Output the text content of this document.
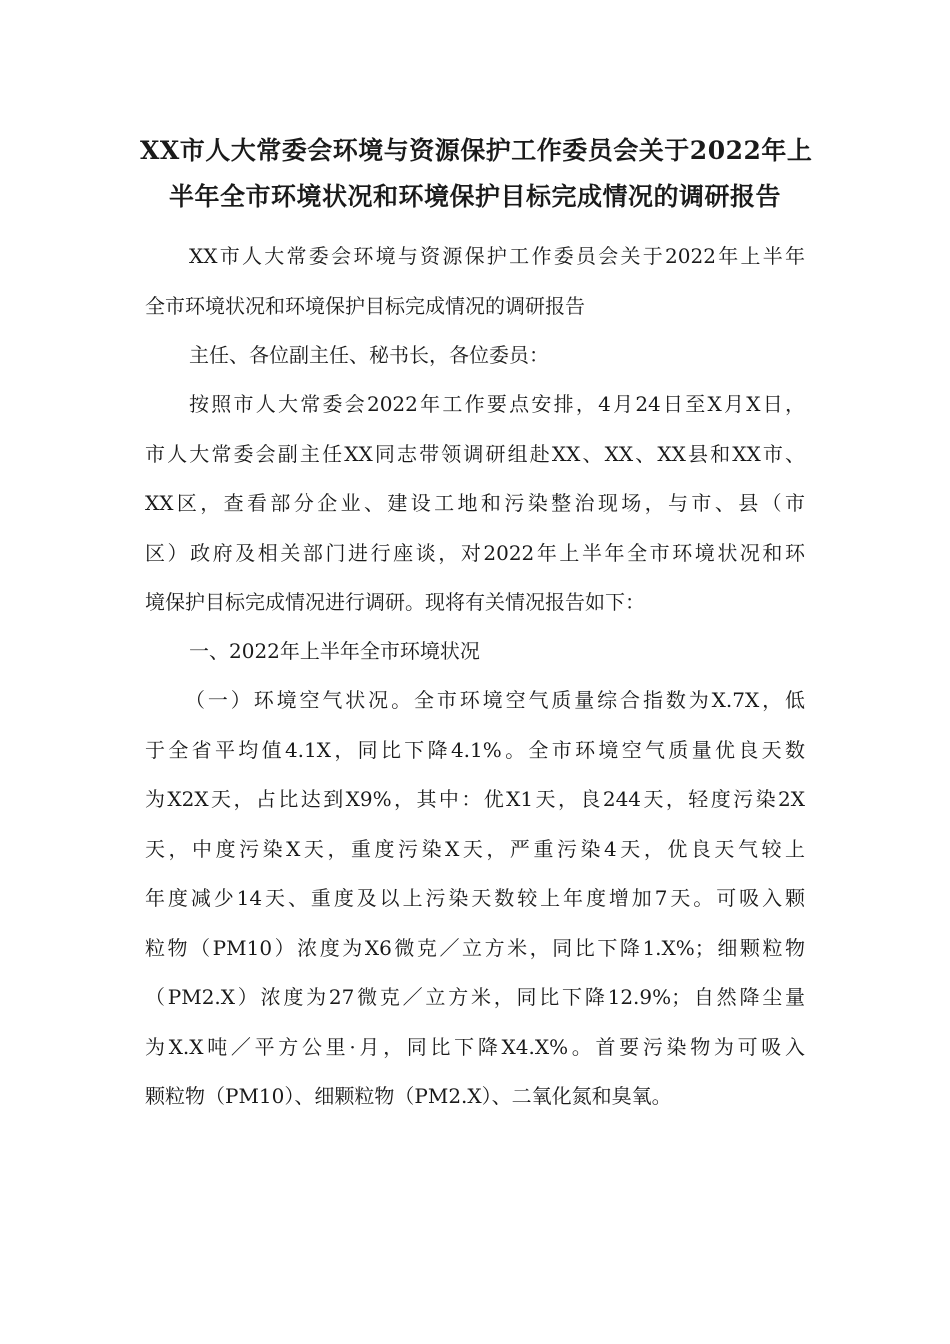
XX市人大常委会环境与资源保护工作委员会关于2022年上
半年全市环境状况和环境保护目标完成情况的调研报告

XX市人大常委会环境与资源保护工作委员会关于2022年上半年
全市环境状况和环境保护目标完成情况的调研报告

主任、各位副主任、秘书长，各位委员：

按照市人大常委会2022年工作要点安排，4月24日至X月X日，
市人大常委会副主任XX同志带领调研组赴XX、XX、XX县和XX市、
XX区，查看部分企业、建设工地和污染整治现场，与市、县（市
区）政府及相关部门进行座谈，对2022年上半年全市环境状况和环
境保护目标完成情况进行调研。现将有关情况报告如下：

一、2022年上半年全市环境状况

（一）环境空气状况。全市环境空气质量综合指数为X.7X，低
于全省平均值4.1X，同比下降4.1%。全市环境空气质量优良天数
为X2X天，占比达到X9%，其中：优X1天，良244天，轻度污染2X
天，中度污染X天，重度污染X天，严重污染4天，优良天气较上
年度减少14天、重度及以上污染天数较上年度增加7天。可吸入颗
粒物（PM10）浓度为X6微克／立方米，同比下降1.X%；细颗粒物
（PM2.X）浓度为27微克／立方米，同比下降12.9%；自然降尘量
为X.X吨／平方公里·月，同比下降X4.X%。首要污染物为可吸入
颗粒物（PM10）、细颗粒物（PM2.X）、二氧化氮和臭氧。
